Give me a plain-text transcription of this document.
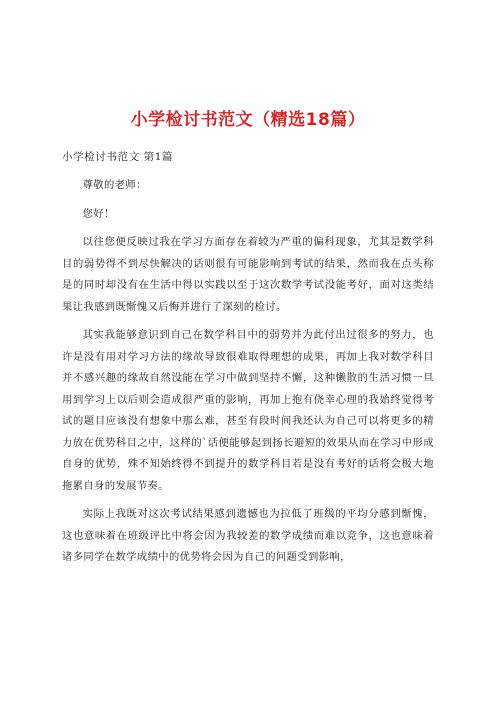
小学检讨书范文（精选18篇）

小学检讨书范文 第1篇

尊敬的老师：

您好！

以往您便反映过我在学习方面存在着较为严重的偏科现象，尤其是数学科目的弱势得不到尽快解决的话则很有可能影响到考试的结果，然而我在点头称是的同时却没有在生活中得以实践以至于这次数学考试没能考好，面对这类结果让我感到既惭愧又后悔并进行了深刻的检讨。

其实我能够意识到自己在数学科目中的弱势并为此付出过很多的努力，也许是没有用对学习方法的缘故导致很难取得理想的成果，再加上我对数学科目并不感兴趣的缘故自然没能在学习中做到坚持不懈，这种懒散的生活习惯一旦用到学习上以后则会造成很严重的影响，再加上抱有侥幸心理的我始终觉得考试的题目应该没有想象中那么难，甚至有段时间我还认为自己可以将更多的精力放在优势科目之中，这样的`话便能够起到扬长避短的效果从而在学习中形成自身的优势，殊不知始终得不到提升的数学科目若是没有考好的话将会极大地拖累自身的发展节奏。

实际上我既对这次考试结果感到遗憾也为拉低了班级的平均分感到惭愧，这也意味着在班级评比中将会因为我较差的数学成绩而难以竞争，这也意味着诸多同学在数学成绩中的优势将会因为自己的问题受到影响，
